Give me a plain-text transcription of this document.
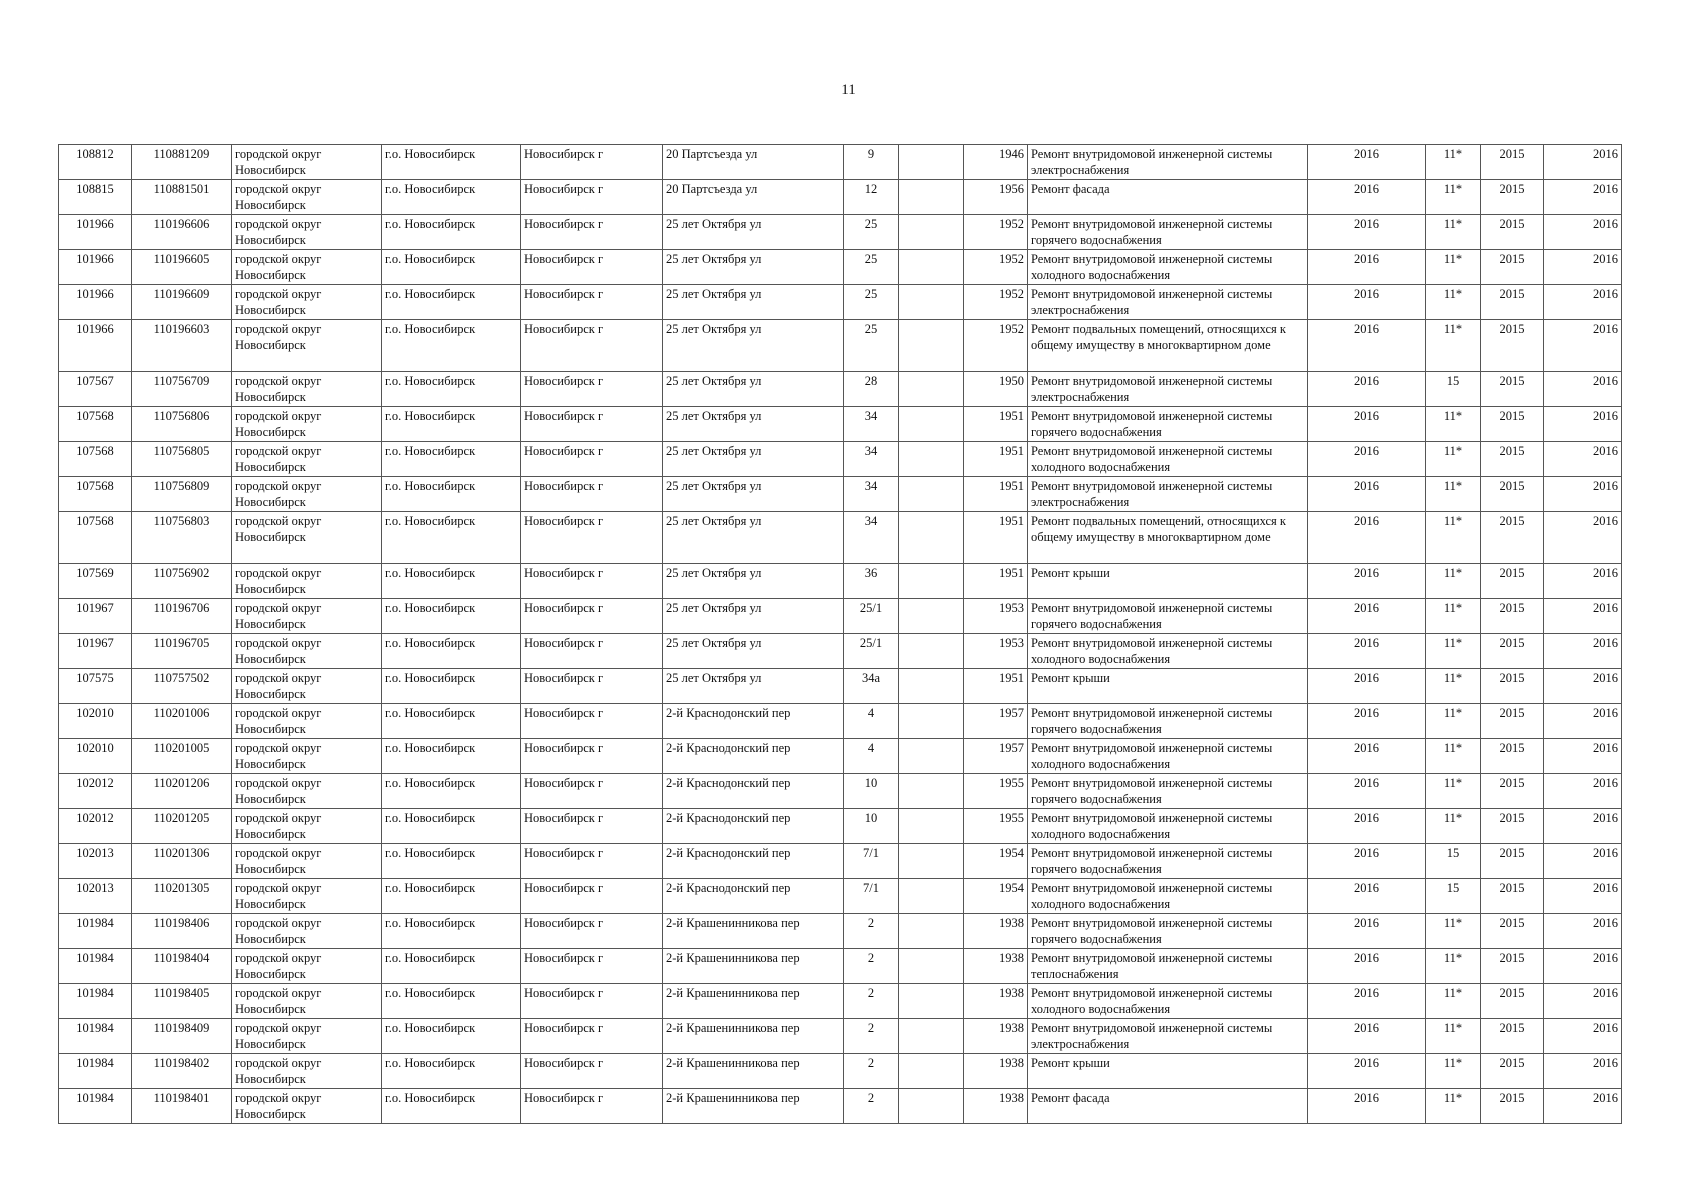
11
108812	110881209	городской округ Новосибирск	г.о. Новосибирск	Новосибирск г	20 Партсъезда ул	9		1946	Ремонт внутридомовой инженерной системы электроснабжения	2016	11*	2015	2016
108815	110881501	городской округ Новосибирск	г.о. Новосибирск	Новосибирск г	20 Партсъезда ул	12		1956	Ремонт фасада	2016	11*	2015	2016
101966	110196606	городской округ Новосибирск	г.о. Новосибирск	Новосибирск г	25 лет Октября ул	25		1952	Ремонт внутридомовой инженерной системы горячего водоснабжения	2016	11*	2015	2016
101966	110196605	городской округ Новосибирск	г.о. Новосибирск	Новосибирск г	25 лет Октября ул	25		1952	Ремонт внутридомовой инженерной системы холодного водоснабжения	2016	11*	2015	2016
101966	110196609	городской округ Новосибирск	г.о. Новосибирск	Новосибирск г	25 лет Октября ул	25		1952	Ремонт внутридомовой инженерной системы электроснабжения	2016	11*	2015	2016
101966	110196603	городской округ Новосибирск	г.о. Новосибирск	Новосибирск г	25 лет Октября ул	25		1952	Ремонт подвальных помещений, относящихся к общему имуществу в многоквартирном доме	2016	11*	2015	2016
107567	110756709	городской округ Новосибирск	г.о. Новосибирск	Новосибирск г	25 лет Октября ул	28		1950	Ремонт внутридомовой инженерной системы электроснабжения	2016	15	2015	2016
107568	110756806	городской округ Новосибирск	г.о. Новосибирск	Новосибирск г	25 лет Октября ул	34		1951	Ремонт внутридомовой инженерной системы горячего водоснабжения	2016	11*	2015	2016
107568	110756805	городской округ Новосибирск	г.о. Новосибирск	Новосибирск г	25 лет Октября ул	34		1951	Ремонт внутридомовой инженерной системы холодного водоснабжения	2016	11*	2015	2016
107568	110756809	городской округ Новосибирск	г.о. Новосибирск	Новосибирск г	25 лет Октября ул	34		1951	Ремонт внутридомовой инженерной системы электроснабжения	2016	11*	2015	2016
107568	110756803	городской округ Новосибирск	г.о. Новосибирск	Новосибирск г	25 лет Октября ул	34		1951	Ремонт подвальных помещений, относящихся к общему имуществу в многоквартирном доме	2016	11*	2015	2016
107569	110756902	городской округ Новосибирск	г.о. Новосибирск	Новосибирск г	25 лет Октября ул	36		1951	Ремонт крыши	2016	11*	2015	2016
101967	110196706	городской округ Новосибирск	г.о. Новосибирск	Новосибирск г	25 лет Октября ул	25/1		1953	Ремонт внутридомовой инженерной системы горячего водоснабжения	2016	11*	2015	2016
101967	110196705	городской округ Новосибирск	г.о. Новосибирск	Новосибирск г	25 лет Октября ул	25/1		1953	Ремонт внутридомовой инженерной системы холодного водоснабжения	2016	11*	2015	2016
107575	110757502	городской округ Новосибирск	г.о. Новосибирск	Новосибирск г	25 лет Октября ул	34а		1951	Ремонт крыши	2016	11*	2015	2016
102010	110201006	городской округ Новосибирск	г.о. Новосибирск	Новосибирск г	2-й Краснодонский пер	4		1957	Ремонт внутридомовой инженерной системы горячего водоснабжения	2016	11*	2015	2016
102010	110201005	городской округ Новосибирск	г.о. Новосибирск	Новосибирск г	2-й Краснодонский пер	4		1957	Ремонт внутридомовой инженерной системы холодного водоснабжения	2016	11*	2015	2016
102012	110201206	городской округ Новосибирск	г.о. Новосибирск	Новосибирск г	2-й Краснодонский пер	10		1955	Ремонт внутридомовой инженерной системы горячего водоснабжения	2016	11*	2015	2016
102012	110201205	городской округ Новосибирск	г.о. Новосибирск	Новосибирск г	2-й Краснодонский пер	10		1955	Ремонт внутридомовой инженерной системы холодного водоснабжения	2016	11*	2015	2016
102013	110201306	городской округ Новосибирск	г.о. Новосибирск	Новосибирск г	2-й Краснодонский пер	7/1		1954	Ремонт внутридомовой инженерной системы горячего водоснабжения	2016	15	2015	2016
102013	110201305	городской округ Новосибирск	г.о. Новосибирск	Новосибирск г	2-й Краснодонский пер	7/1		1954	Ремонт внутридомовой инженерной системы холодного водоснабжения	2016	15	2015	2016
101984	110198406	городской округ Новосибирск	г.о. Новосибирск	Новосибирск г	2-й Крашенинникова пер	2		1938	Ремонт внутридомовой инженерной системы горячего водоснабжения	2016	11*	2015	2016
101984	110198404	городской округ Новосибирск	г.о. Новосибирск	Новосибирск г	2-й Крашенинникова пер	2		1938	Ремонт внутридомовой инженерной системы теплоснабжения	2016	11*	2015	2016
101984	110198405	городской округ Новосибирск	г.о. Новосибирск	Новосибирск г	2-й Крашенинникова пер	2		1938	Ремонт внутридомовой инженерной системы холодного водоснабжения	2016	11*	2015	2016
101984	110198409	городской округ Новосибирск	г.о. Новосибирск	Новосибирск г	2-й Крашенинникова пер	2		1938	Ремонт внутридомовой инженерной системы электроснабжения	2016	11*	2015	2016
101984	110198402	городской округ Новосибирск	г.о. Новосибирск	Новосибирск г	2-й Крашенинникова пер	2		1938	Ремонт крыши	2016	11*	2015	2016
101984	110198401	городской округ Новосибирск	г.о. Новосибирск	Новосибирск г	2-й Крашенинникова пер	2		1938	Ремонт фасада	2016	11*	2015	2016
